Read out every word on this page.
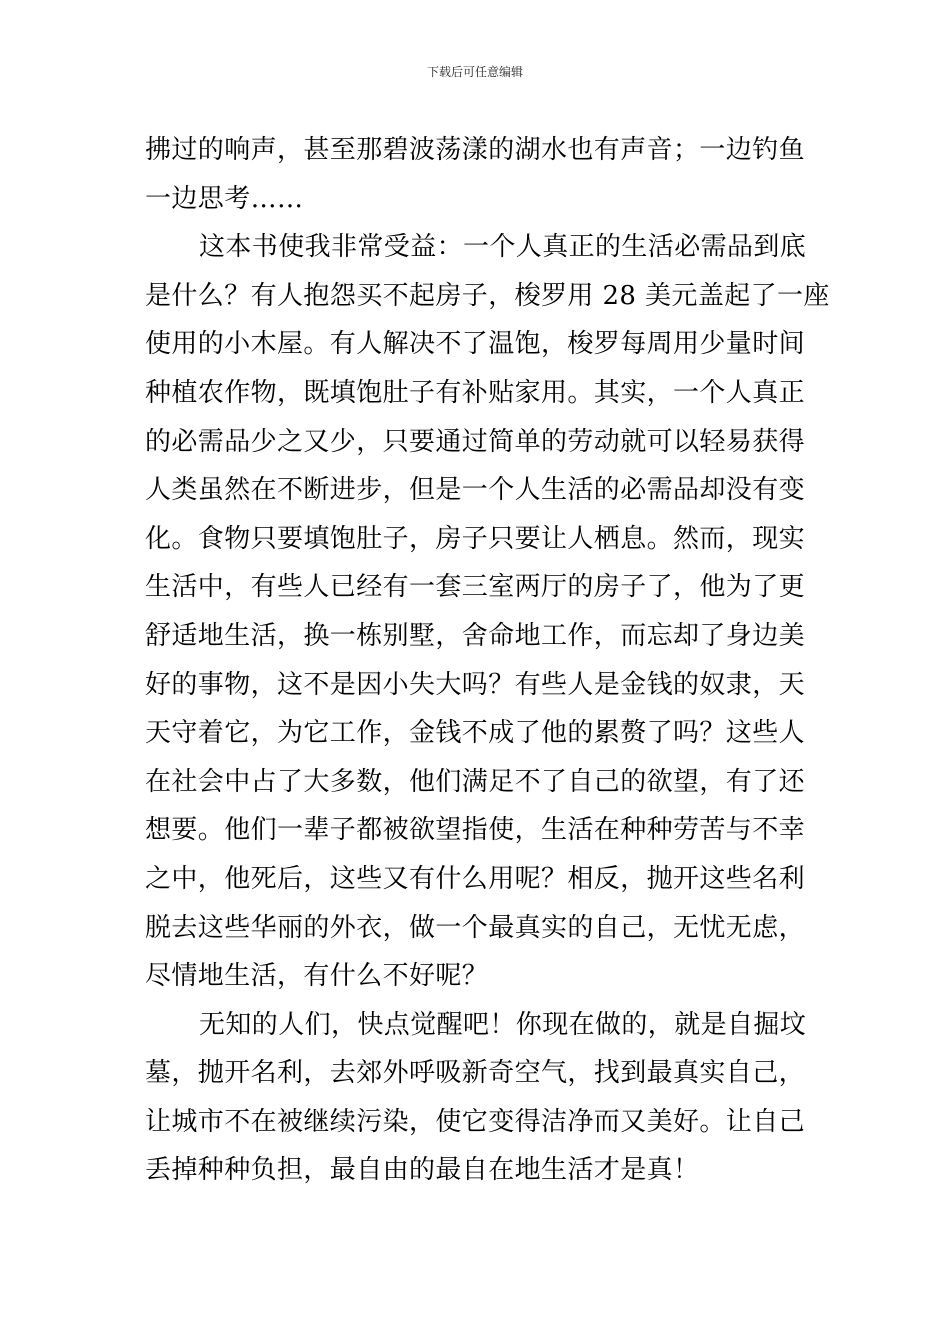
下载后可任意编辑
拂过的响声，甚至那碧波荡漾的湖水也有声音；一边钓鱼
一边思考……
这本书使我非常受益：一个人真正的生活必需品到底
是什么？有人抱怨买不起房子，梭罗用 28 美元盖起了一座
使用的小木屋。有人解决不了温饱，梭罗每周用少量时间
种植农作物，既填饱肚子有补贴家用。其实，一个人真正
的必需品少之又少，只要通过简单的劳动就可以轻易获得
人类虽然在不断进步，但是一个人生活的必需品却没有变
化。食物只要填饱肚子，房子只要让人栖息。然而，现实
生活中，有些人已经有一套三室两厅的房子了，他为了更
舒适地生活，换一栋别墅，舍命地工作，而忘却了身边美
好的事物，这不是因小失大吗？有些人是金钱的奴隶，天
天守着它，为它工作，金钱不成了他的累赘了吗？这些人
在社会中占了大多数，他们满足不了自己的欲望，有了还
想要。他们一辈子都被欲望指使，生活在种种劳苦与不幸
之中，他死后，这些又有什么用呢？相反，抛开这些名利
脱去这些华丽的外衣，做一个最真实的自己，无忧无虑，
尽情地生活，有什么不好呢？
无知的人们，快点觉醒吧！你现在做的，就是自掘坟
墓，抛开名利，去郊外呼吸新奇空气，找到最真实自己，
让城市不在被继续污染，使它变得洁净而又美好。让自己
丢掉种种负担，最自由的最自在地生活才是真！
